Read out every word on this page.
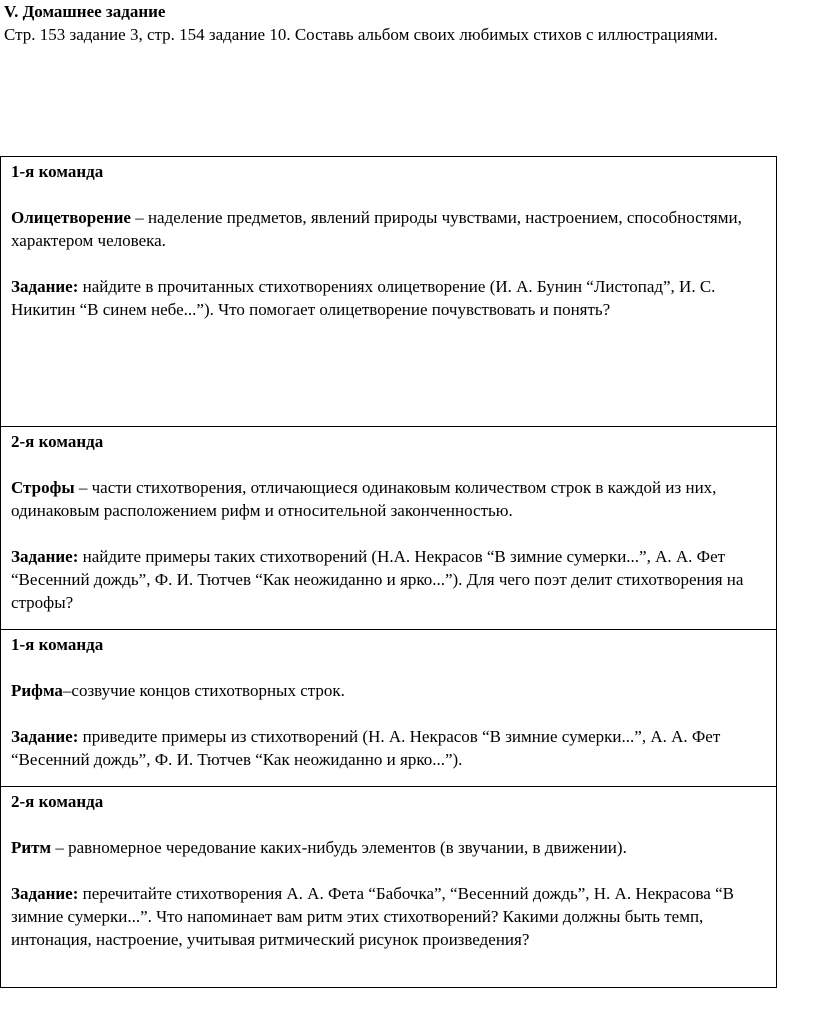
V. Домашнее задание

Стр. 153 задание 3, стр. 154 задание 10. Составь альбом своих любимых стихов с иллюстрациями.

1-я команда

Олицетворение – наделение предметов, явлений природы чувствами, настроением, способностями, характером человека.

Задание: найдите в прочитанных стихотворениях олицетворение (И. А. Бунин “Листопад”, И. С. Никитин “В синем небе...”). Что помогает олицетворение почувствовать и понять?

2-я команда

Строфы – части стихотворения, отличающиеся одинаковым количеством строк в каждой из них, одинаковым расположением рифм и относительной законченностью.

Задание: найдите примеры таких стихотворений (Н.А. Некрасов “В зимние сумерки...”, А. А. Фет “Весенний дождь”, Ф. И. Тютчев “Как неожиданно и ярко...”). Для чего поэт делит стихотворения на строфы?

1-я команда

Рифма–созвучие концов стихотворных строк.

Задание: приведите примеры из стихотворений (Н. А. Некрасов “В зимние сумерки...”, А. А. Фет “Весенний дождь”, Ф. И. Тютчев “Как неожиданно и ярко...”).

2-я команда

Ритм – равномерное чередование каких-нибудь элементов (в звучании, в движении).

Задание: перечитайте стихотворения А. А. Фета “Бабочка”, “Весенний дождь”, Н. А. Некрасова “В зимние сумерки...”. Что напоминает вам ритм этих стихотворений? Какими должны быть темп, интонация, настроение, учитывая ритмический рисунок произведения?
